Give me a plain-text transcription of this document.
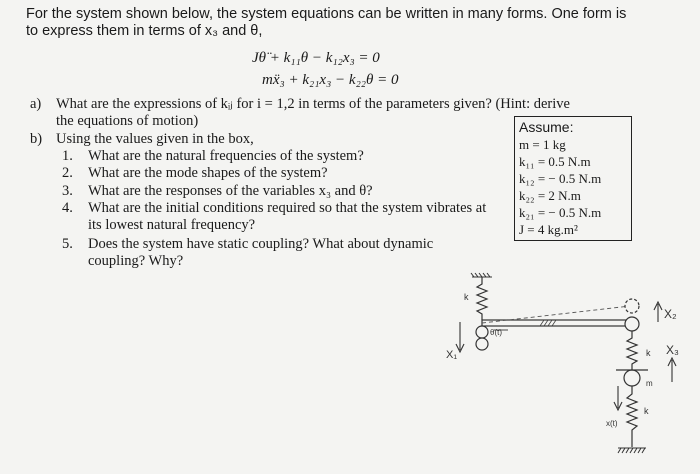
For the system shown below, the system equations can be written in many forms. One form is
to express them in terms of x₃ and θ,
Jθ̈ + k₁₁θ − k₁₂x₃ = 0
mẍ₃ + k₂₁x₃ − k₂₂θ = 0
a) What are the expressions of kᵢⱼ for i = 1,2 in terms of the parameters given? (Hint: derive
the equations of motion)
b) Using the values given in the box,
1. What are the natural frequencies of the system?
2. What are the mode shapes of the system?
3. What are the responses of the variables x₃ and θ?
4. What are the initial conditions required so that the system vibrates at
its lowest natural frequency?
5. Does the system have static coupling? What about dynamic
coupling? Why?
Assume:
m = 1 kg
k₁₁ = 0.5 N.m
k₁₂ = − 0.5 N.m
k₂₂ = 2 N.m
k₂₁ = − 0.5 N.m
J = 4 kg.m²
k
θ(t)
X₁
X₂
k X₃
m
x(t)
k
